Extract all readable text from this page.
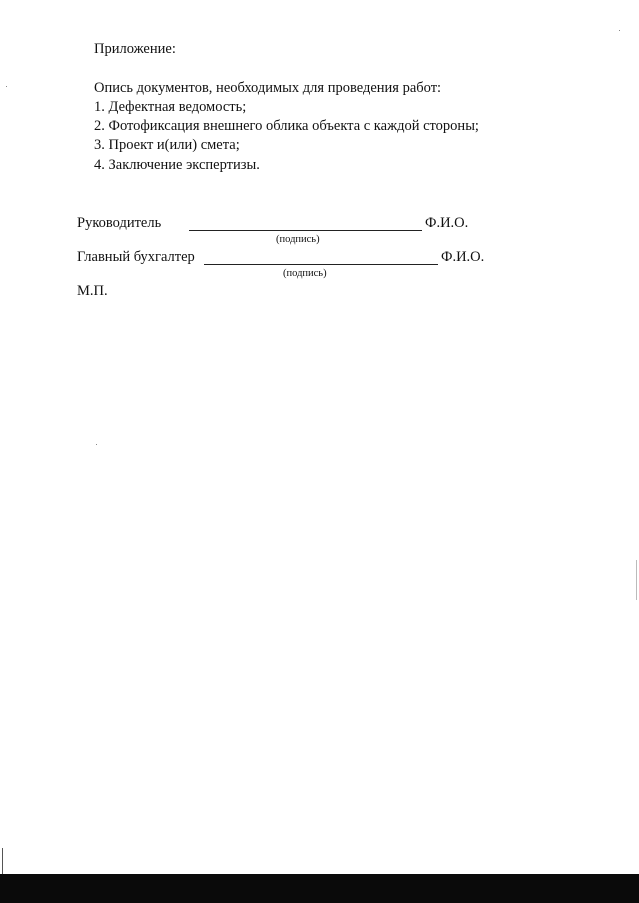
Приложение:
Опись документов, необходимых для проведения работ:
1. Дефектная ведомость;
2. Фотофиксация внешнего облика объекта с каждой стороны;
3. Проект и(или) смета;
4. Заключение экспертизы.
Руководитель	Ф.И.О.
(подпись)
Главный бухгалтер	Ф.И.О.
(подпись)
М.П.
